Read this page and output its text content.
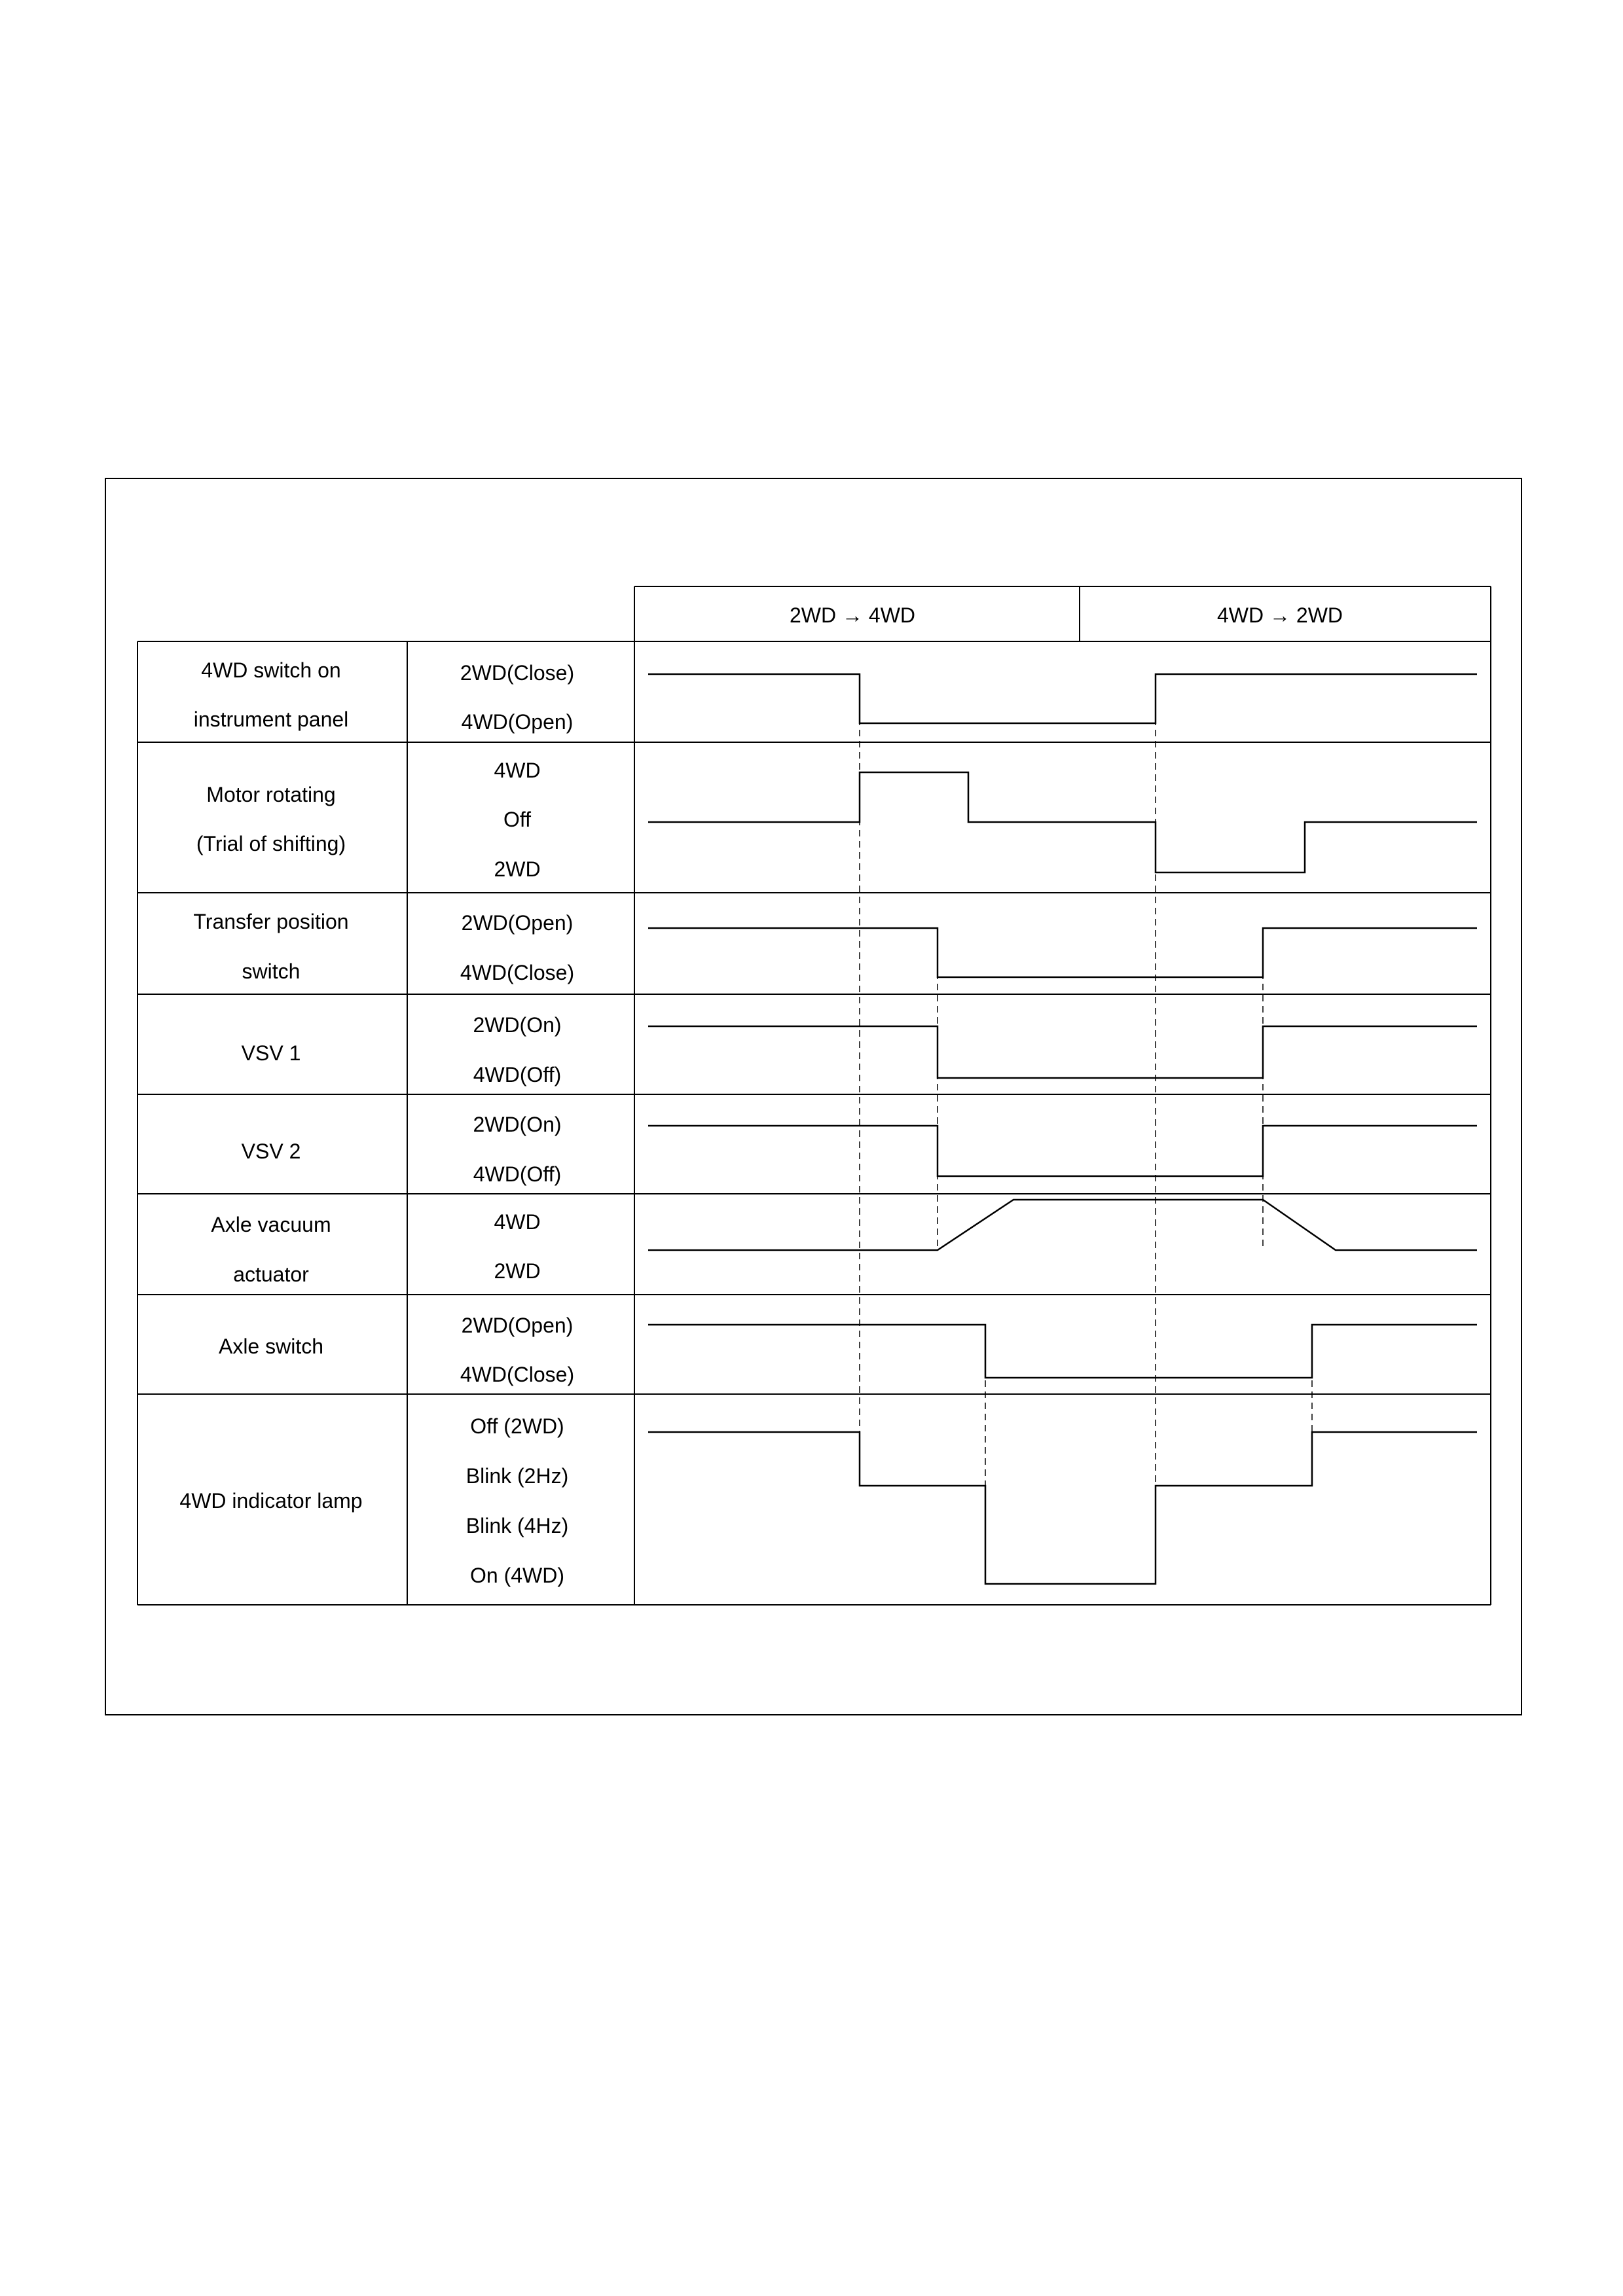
2WD → 4WD	4WD → 2WD
4WD switch on
instrument panel
2WD(Close)
4WD(Open)
Motor rotating
(Trial of shifting)
4WD
Off
2WD
Transfer position
switch
2WD(Open)
4WD(Close)
VSV 1
2WD(On)
4WD(Off)
VSV 2
2WD(On)
4WD(Off)
Axle vacuum
actuator
4WD
2WD
Axle switch
2WD(Open)
4WD(Close)
4WD indicator lamp
Off (2WD)
Blink (2Hz)
Blink (4Hz)
On (4WD)
